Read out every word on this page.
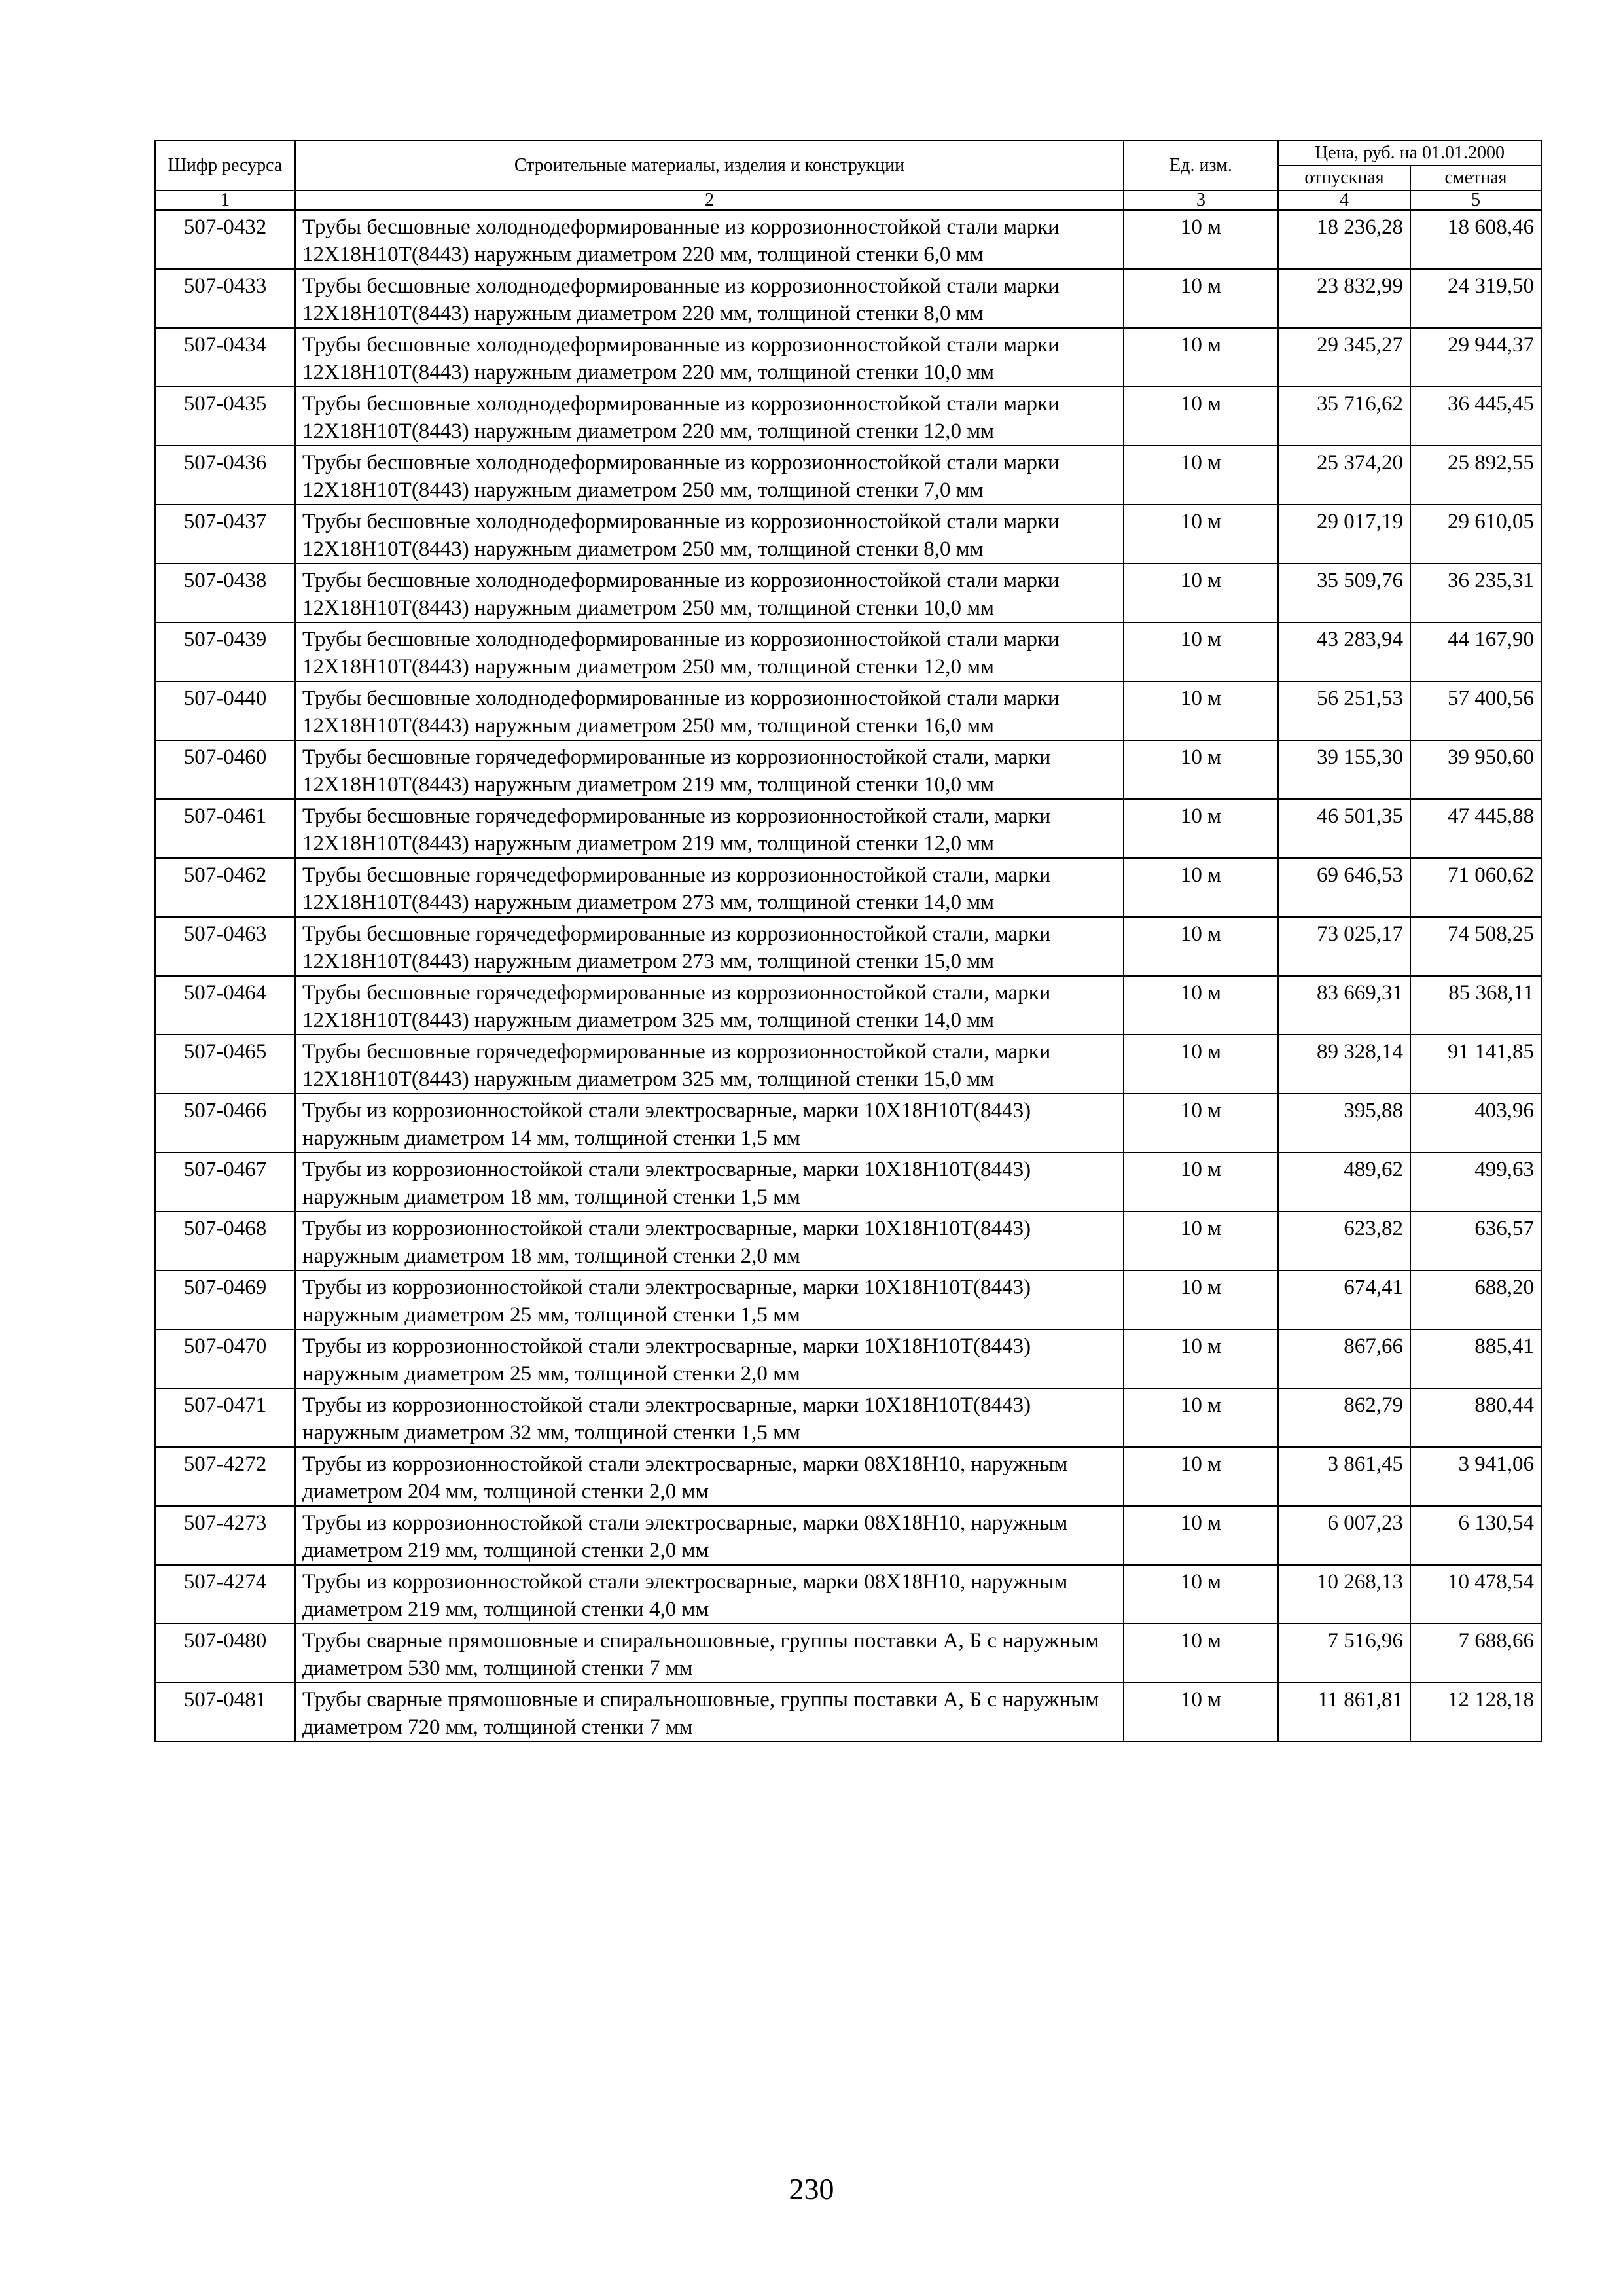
Шифр ресурса	Строительные материалы, изделия и конструкции	Ед. изм.	Цена, руб. на 01.01.2000	
			отпускная	сметная
1	2	3	4	5
507-0432	Трубы бесшовные холоднодеформированные из коррозионностойкой стали марки 12Х18Н10Т(8443) наружным диаметром 220 мм, толщиной стенки 6,0 мм	10 м	18 236,28	18 608,46
507-0433	Трубы бесшовные холоднодеформированные из коррозионностойкой стали марки 12Х18Н10Т(8443) наружным диаметром 220 мм, толщиной стенки 8,0 мм	10 м	23 832,99	24 319,50
507-0434	Трубы бесшовные холоднодеформированные из коррозионностойкой стали марки 12Х18Н10Т(8443) наружным диаметром 220 мм, толщиной стенки 10,0 мм	10 м	29 345,27	29 944,37
507-0435	Трубы бесшовные холоднодеформированные из коррозионностойкой стали марки 12Х18Н10Т(8443) наружным диаметром 220 мм, толщиной стенки 12,0 мм	10 м	35 716,62	36 445,45
507-0436	Трубы бесшовные холоднодеформированные из коррозионностойкой стали марки 12Х18Н10Т(8443) наружным диаметром 250 мм, толщиной стенки 7,0 мм	10 м	25 374,20	25 892,55
507-0437	Трубы бесшовные холоднодеформированные из коррозионностойкой стали марки 12Х18Н10Т(8443) наружным диаметром 250 мм, толщиной стенки 8,0 мм	10 м	29 017,19	29 610,05
507-0438	Трубы бесшовные холоднодеформированные из коррозионностойкой стали марки 12Х18Н10Т(8443) наружным диаметром 250 мм, толщиной стенки 10,0 мм	10 м	35 509,76	36 235,31
507-0439	Трубы бесшовные холоднодеформированные из коррозионностойкой стали марки 12Х18Н10Т(8443) наружным диаметром 250 мм, толщиной стенки 12,0 мм	10 м	43 283,94	44 167,90
507-0440	Трубы бесшовные холоднодеформированные из коррозионностойкой стали марки 12Х18Н10Т(8443) наружным диаметром 250 мм, толщиной стенки 16,0 мм	10 м	56 251,53	57 400,56
507-0460	Трубы бесшовные горячедеформированные из коррозионностойкой стали, марки 12Х18Н10Т(8443) наружным диаметром 219 мм, толщиной стенки 10,0 мм	10 м	39 155,30	39 950,60
507-0461	Трубы бесшовные горячедеформированные из коррозионностойкой стали, марки 12Х18Н10Т(8443) наружным диаметром 219 мм, толщиной стенки 12,0 мм	10 м	46 501,35	47 445,88
507-0462	Трубы бесшовные горячедеформированные из коррозионностойкой стали, марки 12Х18Н10Т(8443) наружным диаметром 273 мм, толщиной стенки 14,0 мм	10 м	69 646,53	71 060,62
507-0463	Трубы бесшовные горячедеформированные из коррозионностойкой стали, марки 12Х18Н10Т(8443) наружным диаметром 273 мм, толщиной стенки 15,0 мм	10 м	73 025,17	74 508,25
507-0464	Трубы бесшовные горячедеформированные из коррозионностойкой стали, марки 12Х18Н10Т(8443) наружным диаметром 325 мм, толщиной стенки 14,0 мм	10 м	83 669,31	85 368,11
507-0465	Трубы бесшовные горячедеформированные из коррозионностойкой стали, марки 12Х18Н10Т(8443) наружным диаметром 325 мм, толщиной стенки 15,0 мм	10 м	89 328,14	91 141,85
507-0466	Трубы из коррозионностойкой стали электросварные, марки 10Х18Н10Т(8443) наружным диаметром 14 мм, толщиной стенки 1,5 мм	10 м	395,88	403,96
507-0467	Трубы из коррозионностойкой стали электросварные, марки 10Х18Н10Т(8443) наружным диаметром 18 мм, толщиной стенки 1,5 мм	10 м	489,62	499,63
507-0468	Трубы из коррозионностойкой стали электросварные, марки 10Х18Н10Т(8443) наружным диаметром 18 мм, толщиной стенки 2,0 мм	10 м	623,82	636,57
507-0469	Трубы из коррозионностойкой стали электросварные, марки 10Х18Н10Т(8443) наружным диаметром 25 мм, толщиной стенки 1,5 мм	10 м	674,41	688,20
507-0470	Трубы из коррозионностойкой стали электросварные, марки 10Х18Н10Т(8443) наружным диаметром 25 мм, толщиной стенки 2,0 мм	10 м	867,66	885,41
507-0471	Трубы из коррозионностойкой стали электросварные, марки 10Х18Н10Т(8443) наружным диаметром 32 мм, толщиной стенки 1,5 мм	10 м	862,79	880,44
507-4272	Трубы из коррозионностойкой стали электросварные, марки 08Х18Н10, наружным диаметром 204 мм, толщиной стенки 2,0 мм	10 м	3 861,45	3 941,06
507-4273	Трубы из коррозионностойкой стали электросварные, марки 08Х18Н10, наружным диаметром 219 мм, толщиной стенки 2,0 мм	10 м	6 007,23	6 130,54
507-4274	Трубы из коррозионностойкой стали электросварные, марки 08Х18Н10, наружным диаметром 219 мм, толщиной стенки 4,0 мм	10 м	10 268,13	10 478,54
507-0480	Трубы сварные прямошовные и спиральношовные, группы поставки А, Б с наружным диаметром 530 мм, толщиной стенки 7 мм	10 м	7 516,96	7 688,66
507-0481	Трубы сварные прямошовные и спиральношовные, группы поставки А, Б с наружным диаметром 720 мм, толщиной стенки 7 мм	10 м	11 861,81	12 128,18
230
